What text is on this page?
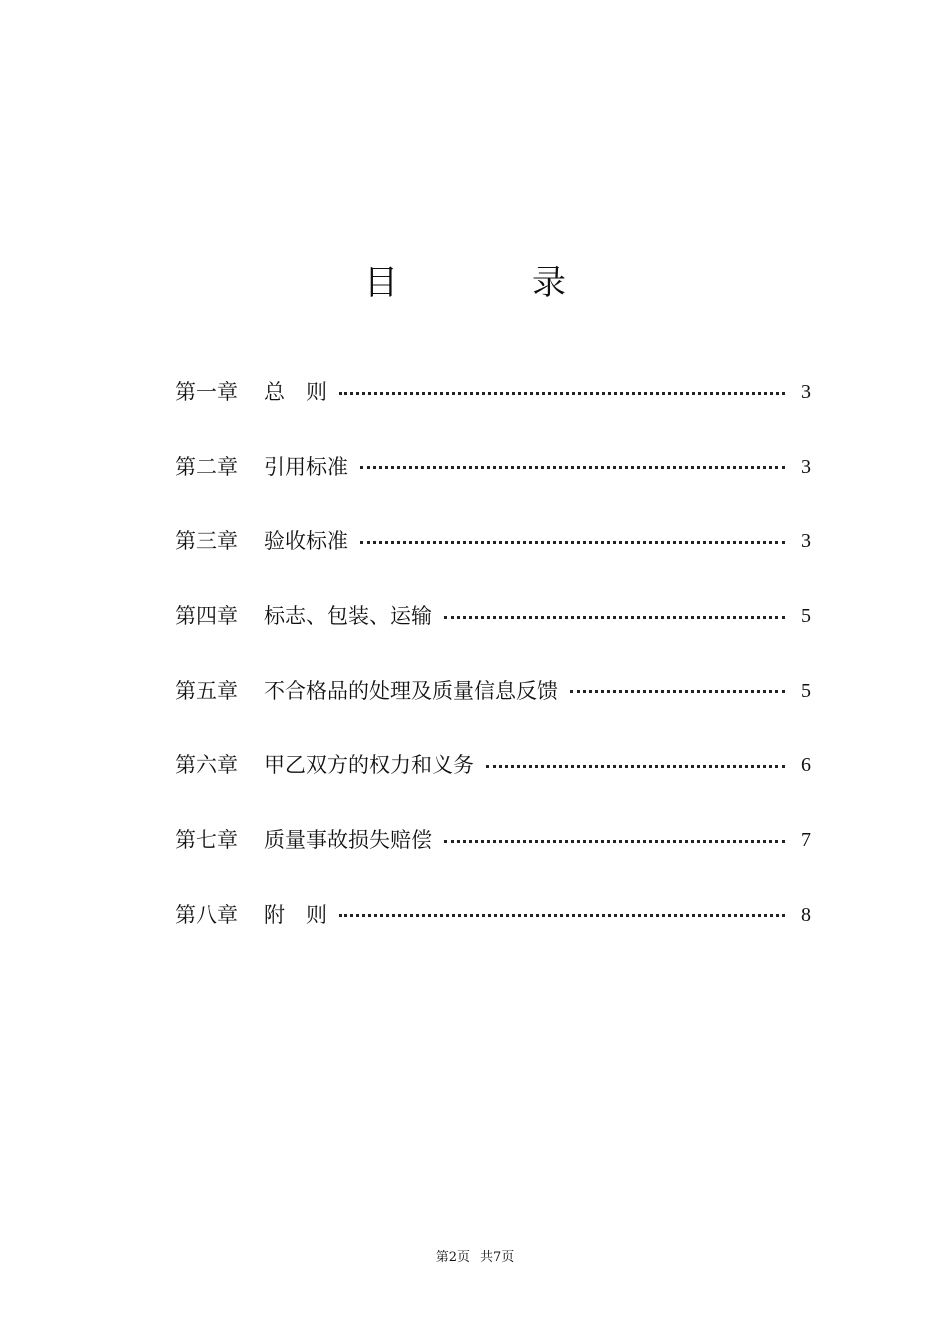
目　录
第一章	总　则	3
第二章	引用标准	3
第三章	验收标准	3
第四章	标志、包装、运输	5
第五章	不合格品的处理及质量信息反馈	5
第六章	甲乙双方的权力和义务	6
第七章	质量事故损失赔偿	7
第八章	附　则	8
第2页 共7页
